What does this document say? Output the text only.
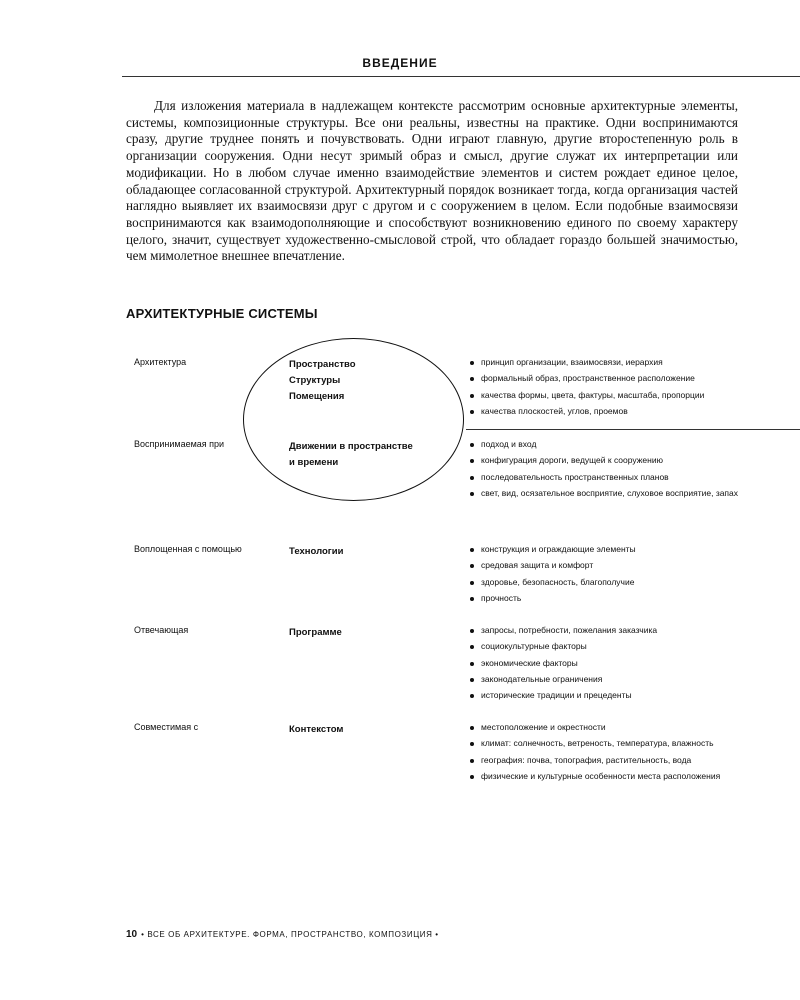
ВВЕДЕНИЕ

Для изложения материала в надлежащем контексте рассмотрим основные архитектурные элементы, системы, композиционные структуры. Все они реальны, известны на практике. Одни воспринимаются сразу, другие труднее понять и почувствовать. Одни играют главную, другие второстепенную роль в организации сооружения. Одни несут зримый образ и смысл, другие служат их интерпретации или модификации. Но в любом случае именно взаимодействие элементов и систем рождает единое целое, обладающее согласованной структурой. Архитектурный порядок возникает тогда, когда организация частей наглядно выявляет их взаимосвязи друг с другом и с сооружением в целом. Если подобные взаимосвязи воспринимаются как взаимодополняющие и способствуют возникновению единого по своему характеру целого, значит, существует художественно-смысловой строй, что обладает гораздо большей значимостью, чем мимолетное внешнее впечатление.

АРХИТЕКТУРНЫЕ СИСТЕМЫ
Архитектура	Пространство
Структуры
Помещения
принцип организации, взаимосвязи, иерархия
формальный образ, пространственное расположение
качества формы, цвета, фактуры, масштаба, пропорции
качества плоскостей, углов, проемов
Воспринимаемая при	Движении в пространстве
и времени
подход и вход
конфигурация дороги, ведущей к сооружению
последовательность пространственных планов
свет, вид, осязательное восприятие, слуховое восприятие, запах
Воплощенная с помощью	Технологии	конструкция и ограждающие элементы
средовая защита и комфорт
здоровье, безопасность, благополучие
прочность
Отвечающая	Программе	запросы, потребности, пожелания заказчика
социокультурные факторы
экономические факторы
законодательные ограничения
исторические традиции и прецеденты
Совместимая с	Контекстом	местоположение и окрестности
климат: солнечность, ветреность, температура, влажность
география: почва, топография, растительность, вода
физические и культурные особенности места расположения
10 • ВСЕ ОБ АРХИТЕКТУРЕ. ФОРМА, ПРОСТРАНСТВО, КОМПОЗИЦИЯ •
